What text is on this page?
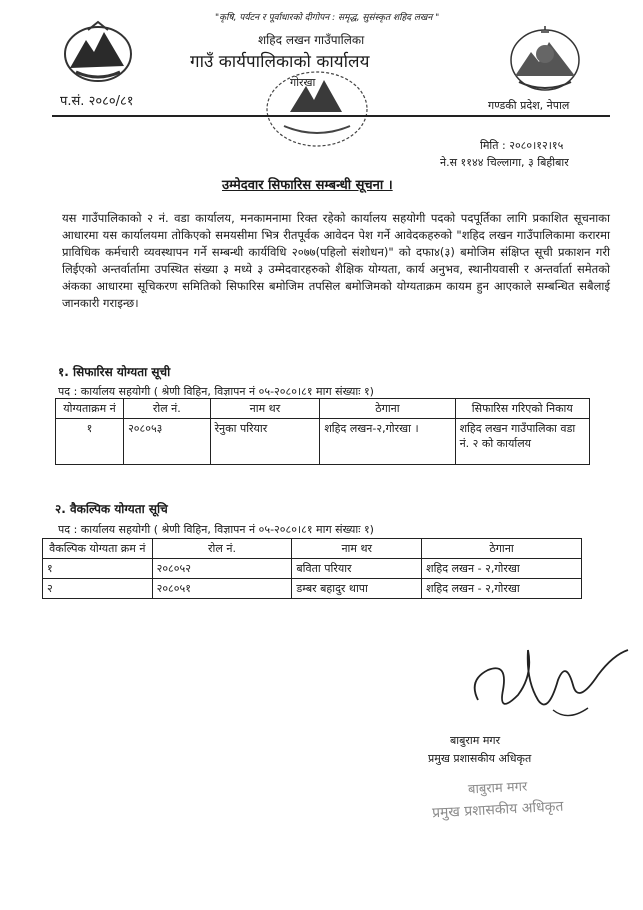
"कृषि, पर्यटन र पूर्वाधारको दीगोपन : समृद्ध, सुसंस्कृत शहिद लखन "
शहिद लखन गाउँपालिका
गाउँ कार्यपालिकाको कार्यालय
गोरखा
प.सं. २०८०/८१	गण्डकी प्रदेश, नेपाल
मिति : २०८०।१२।१५
ने.स ११४४ चिल्लागा, ३ बिहीबार
उम्मेदवार सिफारिस सम्बन्धी सूचना ।
यस गाउँपालिकाको २ नं. वडा कार्यालय, मनकामनामा रिक्त रहेको कार्यालय सहयोगी पदको पदपूर्तिका लागि प्रकाशित सूचनाका आधारमा यस कार्यालयमा तोकिएको समयसीमा भित्र रीतपूर्वक आवेदन पेश गर्ने आवेदकहरुको "शहिद लखन गाउँपालिकामा करारमा प्राविधिक कर्मचारी व्यवस्थापन गर्ने सम्बन्धी कार्यविधि २०७७(पहिलो संशोधन)" को दफा४(३) बमोजिम संक्षिप्त सूची प्रकाशन गरी लिईएको अन्तर्वार्तामा उपस्थित संख्या ३ मध्ये ३ उम्मेदवारहरुको शैक्षिक योग्यता, कार्य अनुभव, स्थानीयवासी र अन्तर्वार्ता समेतको अंकका आधारमा सूचिकरण समितिको सिफारिस बमोजिम तपसिल बमोजिमको योग्यताक्रम कायम हुन आएकाले सम्बन्धित सबैलाई जानकारी गराइन्छ।
१. सिफारिस योग्यता सूची
पद : कार्यालय सहयोगी ( श्रेणी विहिन, विज्ञापन नं ०५-२०८०।८१ माग संख्याः १)
योग्यताक्रम नं	रोल नं.	नाम थर	ठेगाना	सिफारिस गरिएको निकाय
१	२०८०५३	रेनुका परियार	शहिद लखन-२,गोरखा ।	शहिद लखन गाउँपालिका वडा नं. २ को कार्यालय
२. वैकल्पिक योग्यता सूचि
पद : कार्यालय सहयोगी ( श्रेणी विहिन, विज्ञापन नं ०५-२०८०।८१ माग संख्याः १)
वैकल्पिक योग्यता क्रम नं	रोल नं.	नाम थर	ठेगाना
१	२०८०५२	बविता परियार	शहिद लखन - २,गोरखा
२	२०८०५१	डम्बर बहादुर थापा	शहिद लखन - २,गोरखा
बाबुराम मगर
प्रमुख प्रशासकीय अधिकृत
बाबुराम मगर
प्रमुख प्रशासकीय अधिकृत
